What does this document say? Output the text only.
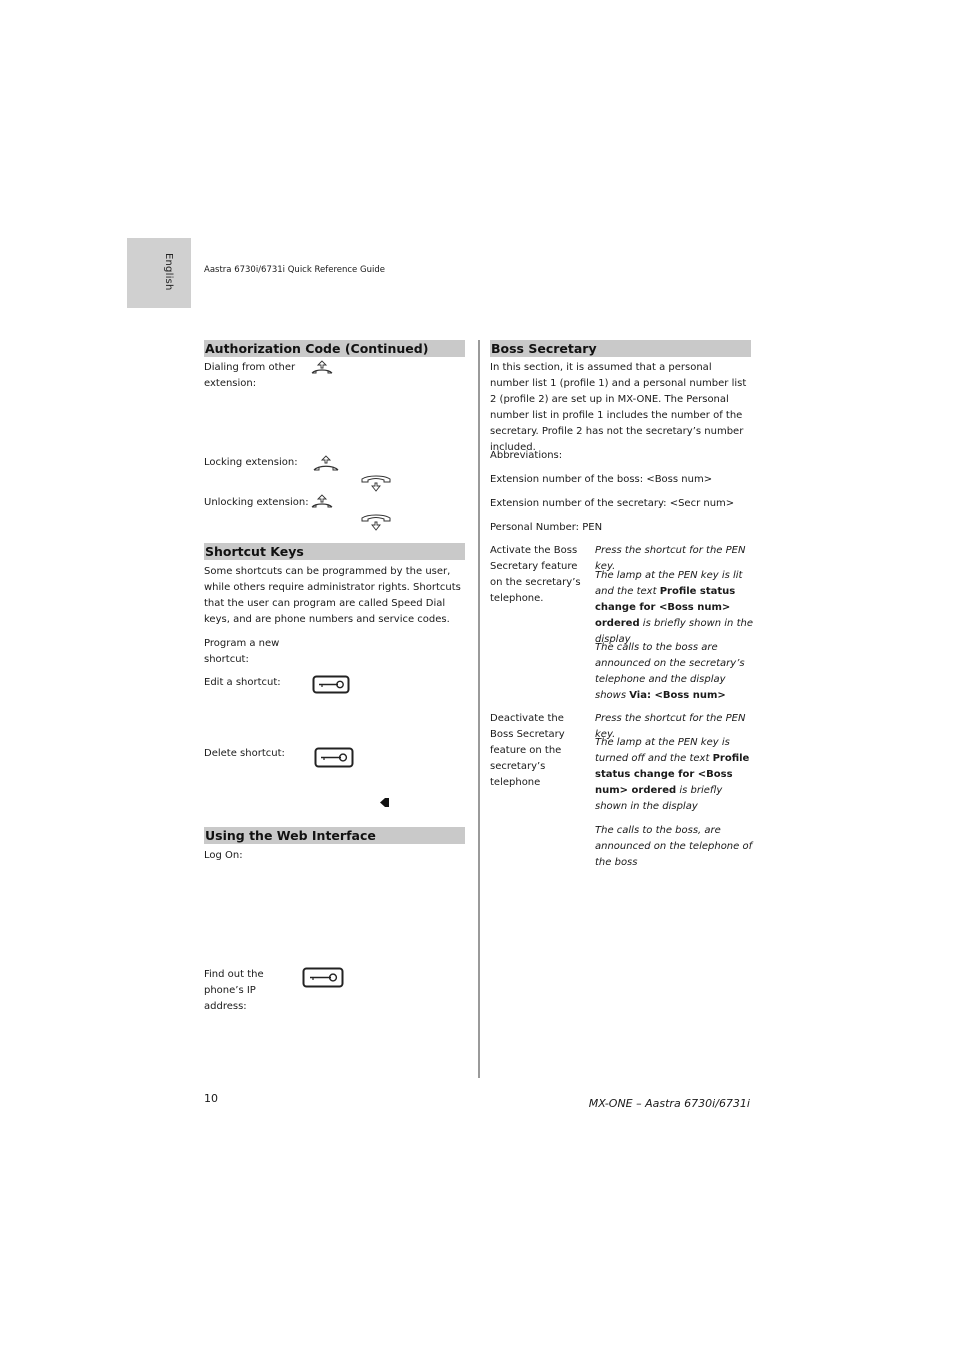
English	Aastra 6730i/6731i Quick Reference Guide
Authorization Code (Continued)
Dialing from other extension:
Locking extension:
Unlocking extension:
Shortcut Keys
Some shortcuts can be programmed by the user, while others require administrator rights. Shortcuts that the user can program are called Speed Dial keys, and are phone numbers and service codes.
Program a new shortcut:
Edit a shortcut:
Delete shortcut:
Using the Web Interface
Log On:
Find out the phone’s IP address:
Boss Secretary
In this section, it is assumed that a personal number list 1 (profile 1) and a personal number list 2 (profile 2) are set up in MX-ONE. The Personal number list in profile 1 includes the number of the secretary. Profile 2 has not the secretary’s number included.
Abbreviations:
Extension number of the boss: <Boss num>
Extension number of the secretary: <Secr num>
Personal Number: PEN
Activate the Boss Secretary feature on the secretary’s telephone.
Press the shortcut for the PEN key.
The lamp at the PEN key is lit and the text Profile status change for <Boss num> ordered is briefly shown in the display
The calls to the boss are announced on the secretary’s telephone and the display shows Via: <Boss num>
Deactivate the Boss Secretary feature on the secretary’s telephone
Press the shortcut for the PEN key.
The lamp at the PEN key is turned off and the text Profile status change for <Boss num> ordered is briefly shown in the display
The calls to the boss, are announced on the telephone of the boss
10	MX-ONE – Aastra 6730i/6731i
